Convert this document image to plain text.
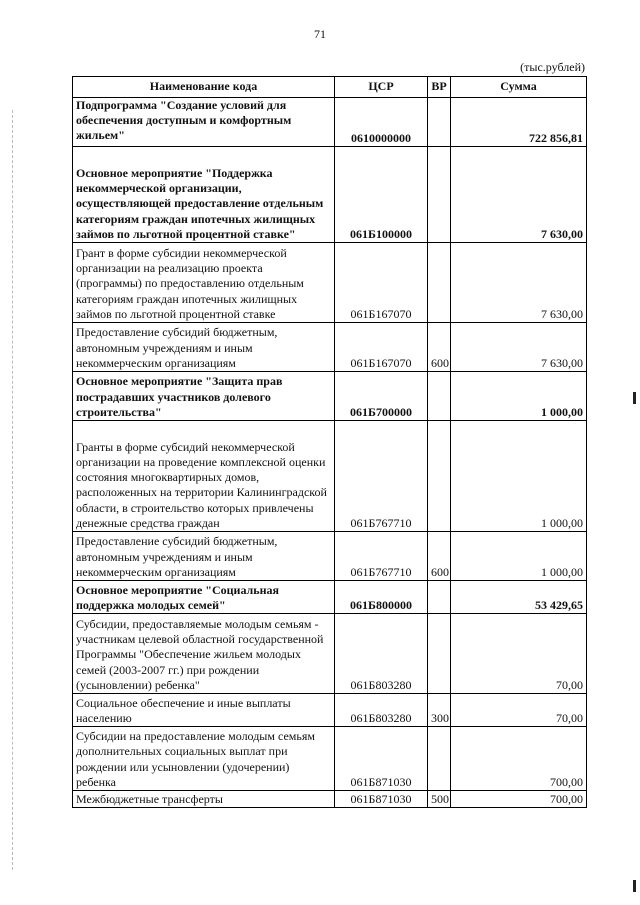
71
(тыс.рублей)
Наименование кода	ЦСР	ВР	Сумма
Подпрограмма "Создание условий для обеспечения доступным и комфортным жильем"	0610000000		722 856,81
Основное мероприятие "Поддержка некоммерческой организации, осуществляющей предоставление отдельным категориям граждан ипотечных жилищных займов по льготной процентной ставке"	061Б100000		7 630,00
Грант в форме субсидии некоммерческой организации на реализацию проекта (программы) по предоставлению отдельным категориям граждан ипотечных жилищных займов по льготной процентной ставке	061Б167070		7 630,00
Предоставление субсидий бюджетным, автономным учреждениям и иным некоммерческим организациям	061Б167070	600	7 630,00
Основное мероприятие "Защита прав пострадавших участников долевого строительства"	061Б700000		1 000,00
Гранты в форме субсидий некоммерческой организации на проведение комплексной оценки состояния многоквартирных домов, расположенных на территории Калининградской области, в строительство которых привлечены денежные средства граждан	061Б767710		1 000,00
Предоставление субсидий бюджетным, автономным учреждениям и иным некоммерческим организациям	061Б767710	600	1 000,00
Основное мероприятие "Социальная поддержка молодых семей"	061Б800000		53 429,65
Субсидии, предоставляемые молодым семьям - участникам целевой областной государственной Программы "Обеспечение жильем молодых семей (2003-2007 гг.) при рождении (усыновлении) ребенка"	061Б803280		70,00
Социальное обеспечение и иные выплаты населению	061Б803280	300	70,00
Субсидии на предоставление молодым семьям дополнительных социальных выплат при рождении или усыновлении (удочерении) ребенка	061Б871030		700,00
Межбюджетные трансферты	061Б871030	500	700,00
